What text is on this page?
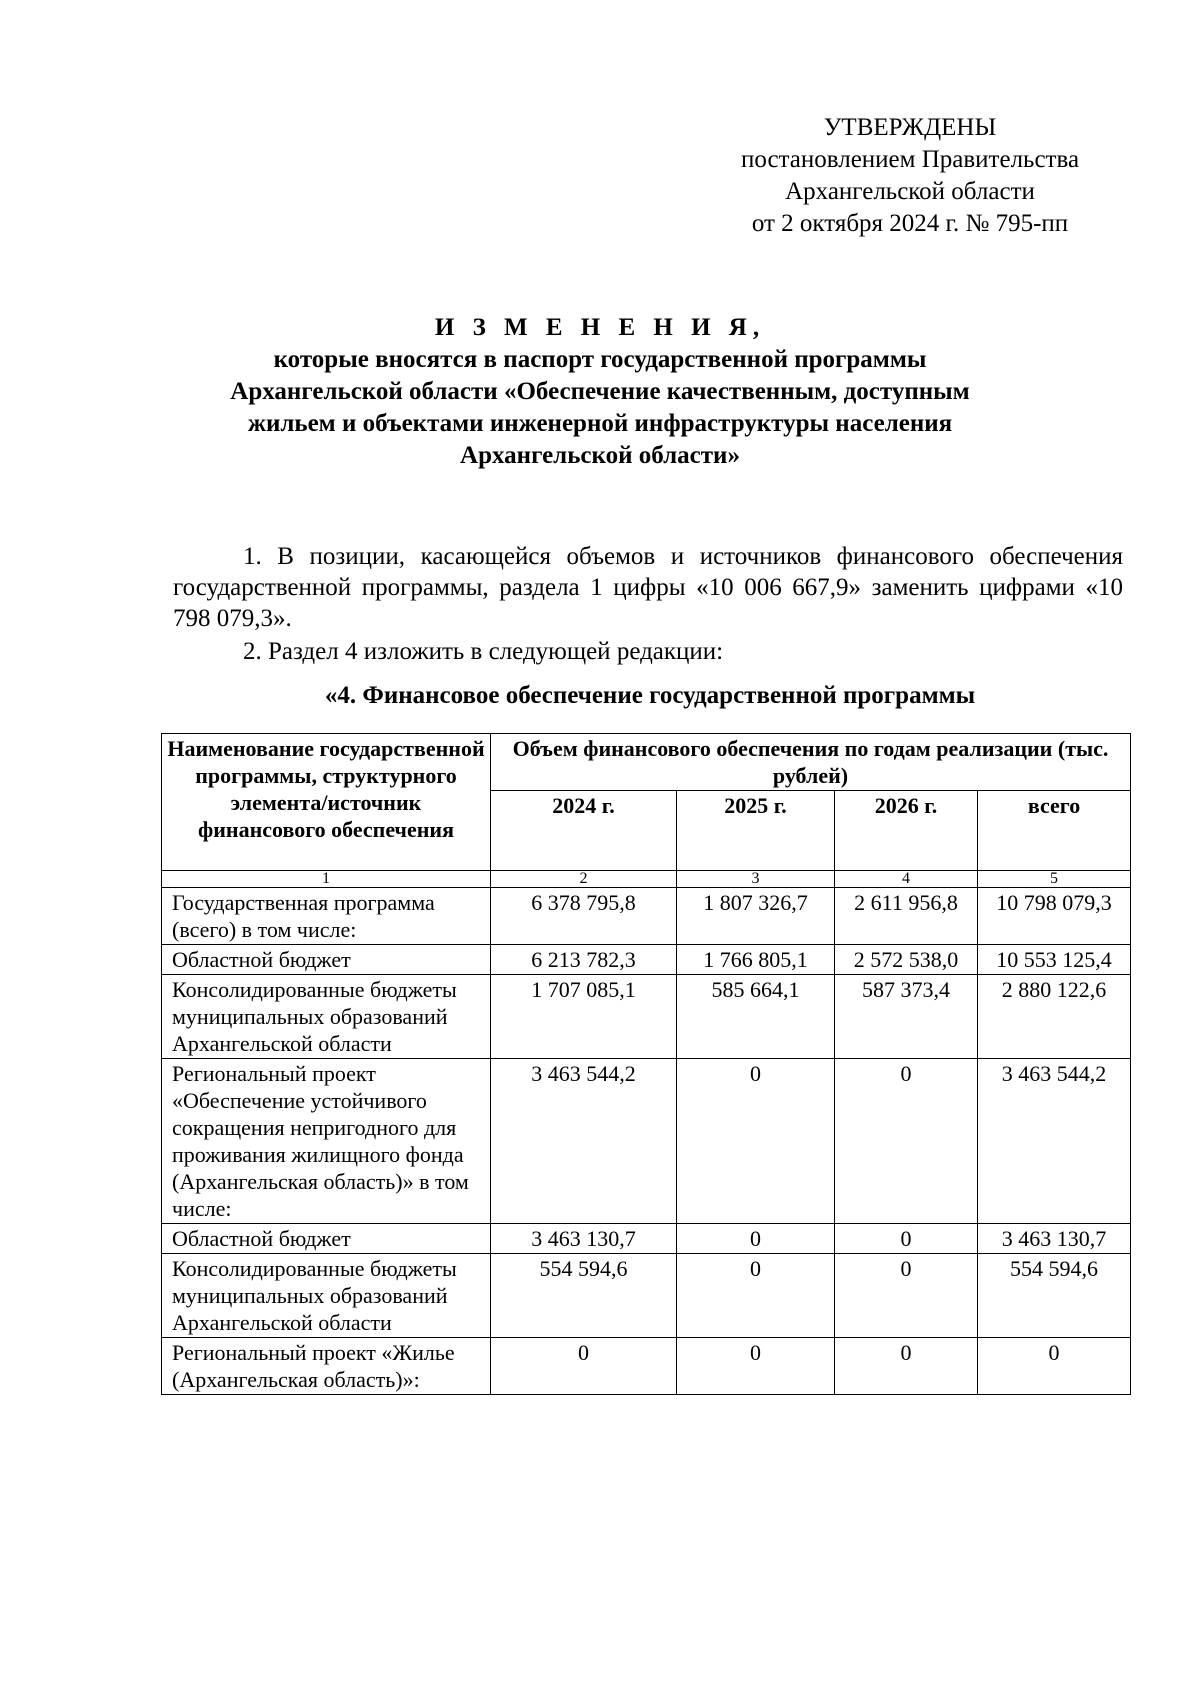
УТВЕРЖДЕНЫ
постановлением Правительства
Архангельской области
от 2 октября 2024 г. № 795-пп
И З М Е Н Е Н И Я,
которые вносятся в паспорт государственной программы
Архангельской области «Обеспечение качественным, доступным
жильем и объектами инженерной инфраструктуры населения
Архангельской области»
1. В позиции, касающейся объемов и источников финансового обеспечения государственной программы, раздела 1 цифры «10 006 667,9» заменить цифрами «10 798 079,3».
2. Раздел 4 изложить в следующей редакции:
«4. Финансовое обеспечение государственной программы
Наименование государственной программы, структурного элемента/источник финансового обеспечения	Объем финансового обеспечения по годам реализации (тыс. рублей)			
	2024 г.	2025 г.	2026 г.	всего
1	2	3	4	5
Государственная программа (всего) в том числе:	6 378 795,8	1 807 326,7	2 611 956,8	10 798 079,3
Областной бюджет	6 213 782,3	1 766 805,1	2 572 538,0	10 553 125,4
Консолидированные бюджеты муниципальных образований Архангельской области	1 707 085,1	585 664,1	587 373,4	2 880 122,6
Региональный проект «Обеспечение устойчивого сокращения непригодного для проживания жилищного фонда (Архангельская область)» в том числе:	3 463 544,2	0	0	3 463 544,2
Областной бюджет	3 463 130,7	0	0	3 463 130,7
Консолидированные бюджеты муниципальных образований Архангельской области	554 594,6	0	0	554 594,6
Региональный проект «Жилье (Архангельская область)»:	0	0	0	0
